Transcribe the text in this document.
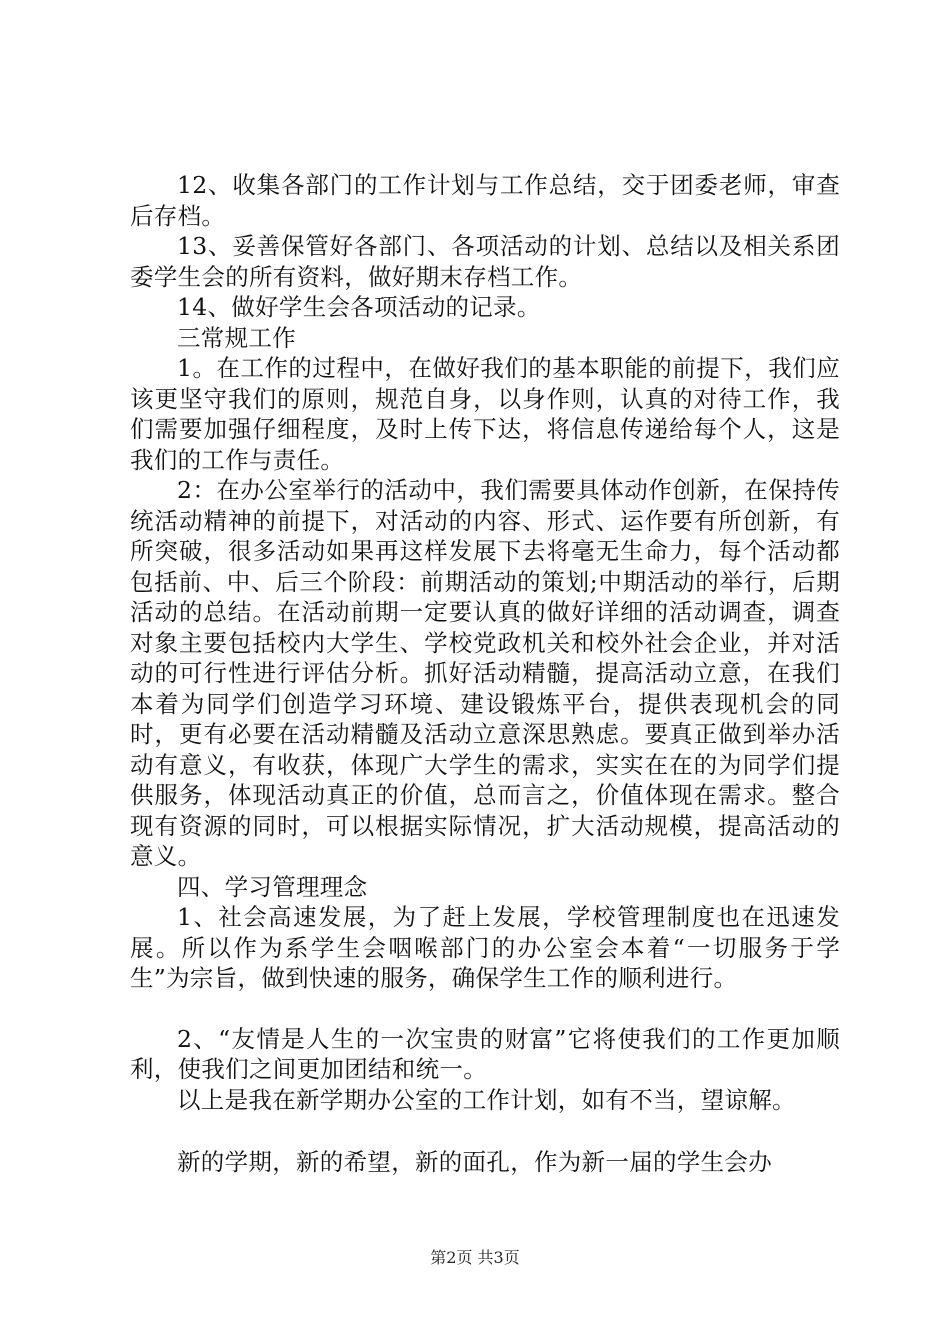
12、收集各部门的工作计划与工作总结，交于团委老师，审查后存档。

13、妥善保管好各部门、各项活动的计划、总结以及相关系团委学生会的所有资料，做好期末存档工作。

14、做好学生会各项活动的记录。

三常规工作

1。在工作的过程中，在做好我们的基本职能的前提下，我们应该更坚守我们的原则，规范自身，以身作则，认真的对待工作，我们需要加强仔细程度，及时上传下达，将信息传递给每个人，这是我们的工作与责任。

2：在办公室举行的活动中，我们需要具体动作创新，在保持传统活动精神的前提下，对活动的内容、形式、运作要有所创新，有所突破，很多活动如果再这样发展下去将毫无生命力，每个活动都包括前、中、后三个阶段：前期活动的策划;中期活动的举行，后期活动的总结。在活动前期一定要认真的做好详细的活动调查，调查对象主要包括校内大学生、学校党政机关和校外社会企业，并对活动的可行性进行评估分析。抓好活动精髓，提高活动立意，在我们本着为同学们创造学习环境、建设锻炼平台，提供表现机会的同时，更有必要在活动精髓及活动立意深思熟虑。要真正做到举办活动有意义，有收获，体现广大学生的需求，实实在在的为同学们提供服务，体现活动真正的价值，总而言之，价值体现在需求。整合现有资源的同时，可以根据实际情况，扩大活动规模，提高活动的意义。

四、学习管理理念

1、社会高速发展，为了赶上发展，学校管理制度也在迅速发展。所以作为系学生会咽喉部门的办公室会本着“一切服务于学生”为宗旨，做到快速的服务，确保学生工作的顺利进行。

2、“友情是人生的一次宝贵的财富”它将使我们的工作更加顺利，使我们之间更加团结和统一。

以上是我在新学期办公室的工作计划，如有不当，望谅解。

新的学期，新的希望，新的面孔，作为新一届的学生会办

第2页 共3页
